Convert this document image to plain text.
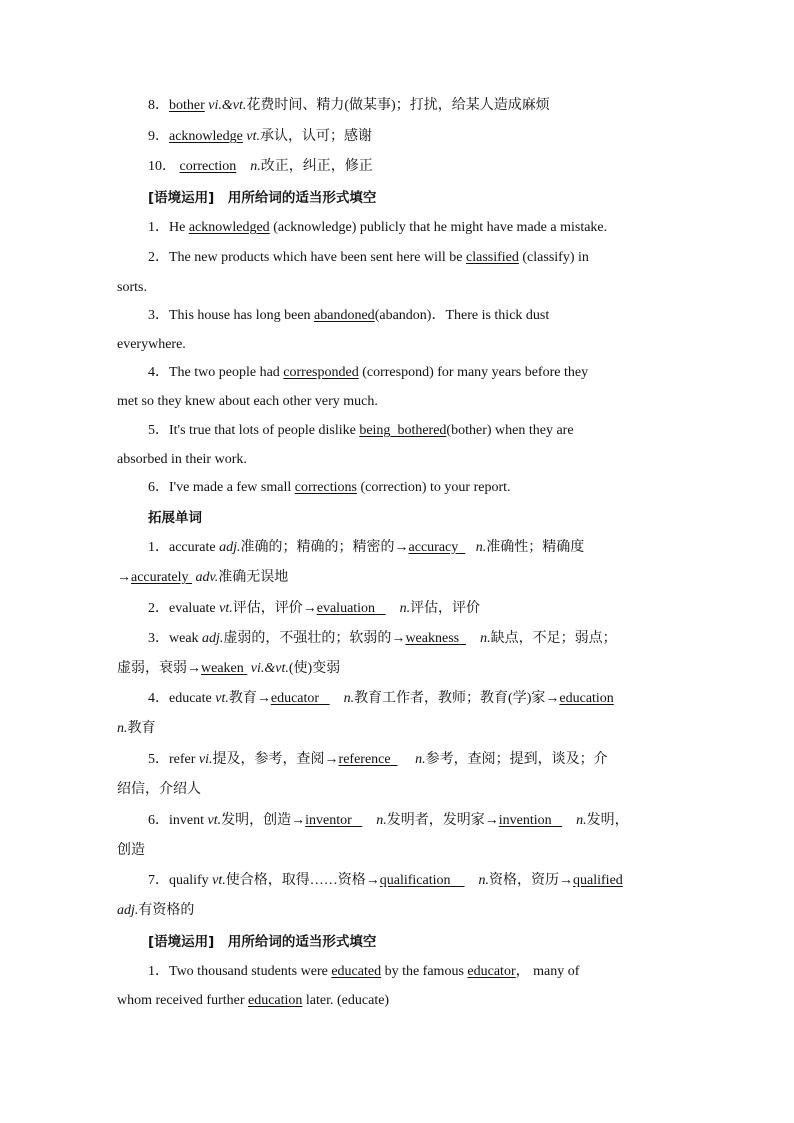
8．bother vi.&vt.花费时间、精力(做某事)；打扰，给某人造成麻烦
9．acknowledge vt.承认，认可；感谢
10． correction n.改正，纠正，修正
[语境运用]　用所给词的适当形式填空
1．He acknowledged (acknowledge) publicly that he might have made a mistake.
2．The new products which have been sent here will be classified (classify) in
sorts.
3．This house has long been abandoned(abandon)．There is thick dust
everywhere.
4．The two people had corresponded (correspond) for many years before they
met so they knew about each other very much.
5．It's true that lots of people dislike being bothered(bother) when they are
absorbed in their work.
6．I've made a few small corrections (correction) to your report.
拓展单词
1．accurate adj.准确的；精确的；精密的→accuracy n.准确性；精确度
→accurately adv.准确无误地
2．evaluate vt.评估，评价→evaluation n.评估，评价
3．weak adj.虚弱的，不强壮的；软弱的→weakness n.缺点，不足；弱点；
虚弱，衰弱→weaken vi.&vt.(使)变弱
4．educate vt.教育→educator n.教育工作者，教师；教育(学)家→education
n.教育
5．refer vi.提及，参考，查阅→reference n.参考，查阅；提到，谈及；介
绍信，介绍人
6．invent vt.发明，创造→inventor n.发明者，发明家→invention n.发明，
创造
7．qualify vt.使合格，取得……资格→qualification n.资格，资历→qualified
adj.有资格的
[语境运用]　用所给词的适当形式填空
1．Two thousand students were educated by the famous educator， many of
whom received further education later. (educate)
